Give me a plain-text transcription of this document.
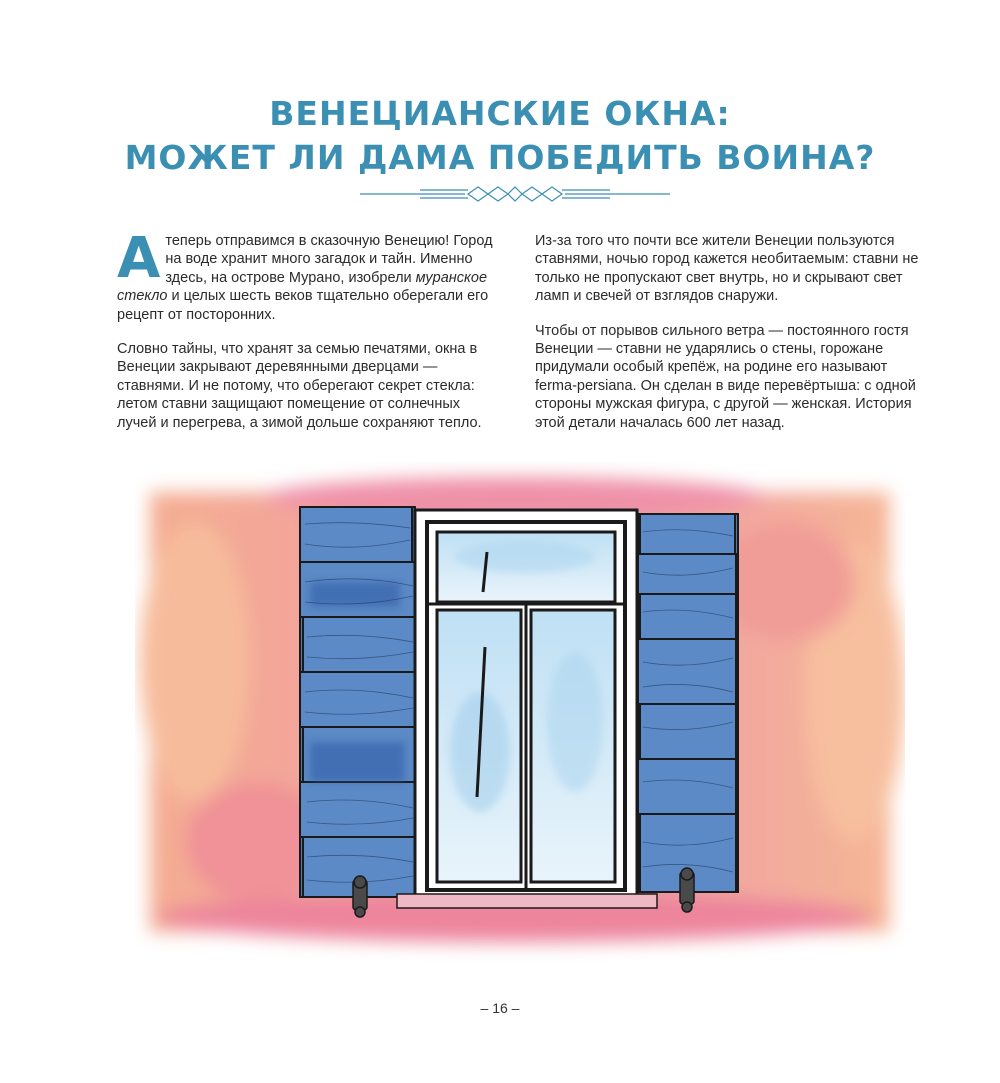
ВЕНЕЦИАНСКИЕ ОКНА:
МОЖЕТ ЛИ ДАМА ПОБЕДИТЬ ВОИНА?

А теперь отправимся в сказочную Венецию! Город на воде хранит много загадок и тайн. Именно здесь, на острове Мурано, изобрели муранское стекло и целых шесть веков тщательно оберегали его рецепт от посторонних.

Словно тайны, что хранят за семью печатями, окна в Венеции закрывают деревянными дверцами — ставнями. И не потому, что оберегают секрет стекла: летом ставни защищают помещение от солнечных лучей и перегрева, а зимой дольше сохраняют тепло.

Из-за того что почти все жители Венеции пользуются ставнями, ночью город кажется необитаемым: ставни не только не пропускают свет внутрь, но и скрывают свет ламп и свечей от взглядов снаружи.

Чтобы от порывов сильного ветра — постоянного гостя Венеции — ставни не ударялись о стены, горожане придумали особый крепёж, на родине его называют ferma-persiana. Он сделан в виде перевёртыша: с одной стороны мужская фигура, с другой — женская. История этой детали началась 600 лет назад.

– 16 –
